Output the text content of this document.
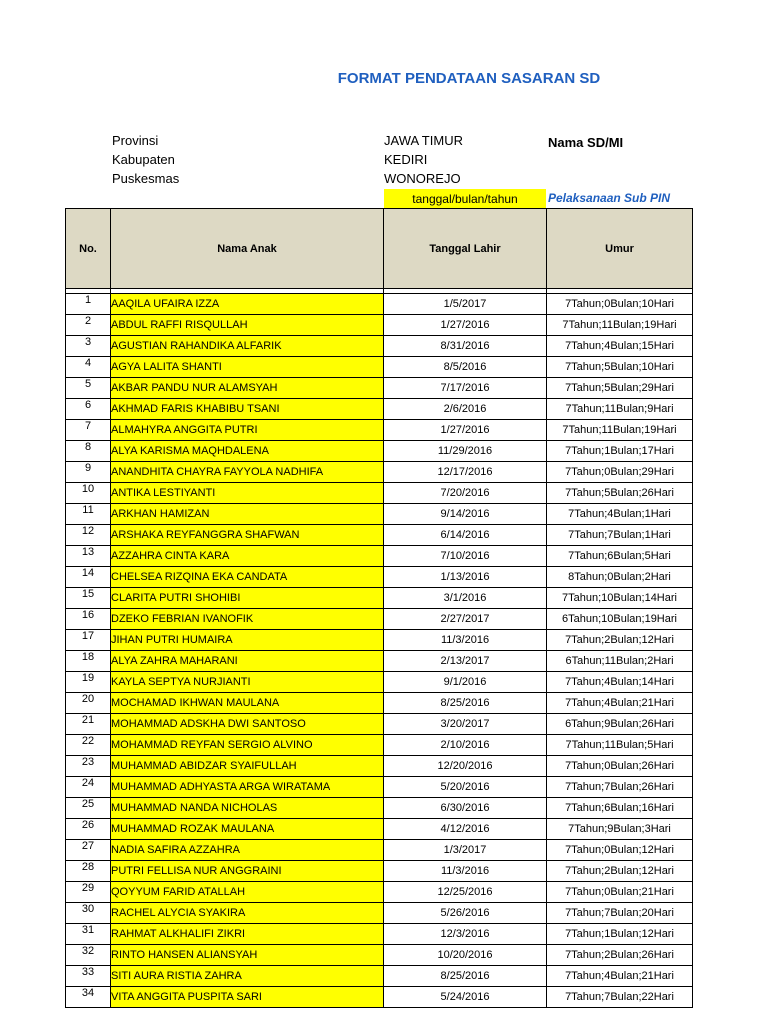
FORMAT PENDATAAN SASARAN SD
Provinsi	JAWA TIMUR
Kabupaten	KEDIRI
Puskesmas	WONOREJO
Nama SD/MI
tanggal/bulan/tahun	Pelaksanaan Sub PIN
No.	Nama Anak	Tanggal Lahir	Umur

1	AAQILA UFAIRA IZZA	1/5/2017	7Tahun;0Bulan;10Hari
2	ABDUL RAFFI RISQULLAH	1/27/2016	7Tahun;11Bulan;19Hari
3	AGUSTIAN RAHANDIKA ALFARIK	8/31/2016	7Tahun;4Bulan;15Hari
4	AGYA LALITA SHANTI	8/5/2016	7Tahun;5Bulan;10Hari
5	AKBAR PANDU NUR ALAMSYAH	7/17/2016	7Tahun;5Bulan;29Hari
6	AKHMAD FARIS KHABIBU TSANI	2/6/2016	7Tahun;11Bulan;9Hari
7	ALMAHYRA ANGGITA PUTRI	1/27/2016	7Tahun;11Bulan;19Hari
8	ALYA KARISMA MAQHDALENA	11/29/2016	7Tahun;1Bulan;17Hari
9	ANANDHITA CHAYRA FAYYOLA NADHIFA	12/17/2016	7Tahun;0Bulan;29Hari
10	ANTIKA LESTIYANTI	7/20/2016	7Tahun;5Bulan;26Hari
11	ARKHAN HAMIZAN	9/14/2016	7Tahun;4Bulan;1Hari
12	ARSHAKA REYFANGGRA SHAFWAN	6/14/2016	7Tahun;7Bulan;1Hari
13	AZZAHRA CINTA KARA	7/10/2016	7Tahun;6Bulan;5Hari
14	CHELSEA RIZQINA EKA CANDATA	1/13/2016	8Tahun;0Bulan;2Hari
15	CLARITA PUTRI SHOHIBI	3/1/2016	7Tahun;10Bulan;14Hari
16	DZEKO FEBRIAN IVANOFIK	2/27/2017	6Tahun;10Bulan;19Hari
17	JIHAN PUTRI HUMAIRA	11/3/2016	7Tahun;2Bulan;12Hari
18	ALYA ZAHRA MAHARANI	2/13/2017	6Tahun;11Bulan;2Hari
19	KAYLA SEPTYA NURJIANTI	9/1/2016	7Tahun;4Bulan;14Hari
20	MOCHAMAD IKHWAN MAULANA	8/25/2016	7Tahun;4Bulan;21Hari
21	MOHAMMAD ADSKHA DWI SANTOSO	3/20/2017	6Tahun;9Bulan;26Hari
22	MOHAMMAD REYFAN SERGIO ALVINO	2/10/2016	7Tahun;11Bulan;5Hari
23	MUHAMMAD ABIDZAR SYAIFULLAH	12/20/2016	7Tahun;0Bulan;26Hari
24	MUHAMMAD ADHYASTA ARGA WIRATAMA	5/20/2016	7Tahun;7Bulan;26Hari
25	MUHAMMAD NANDA NICHOLAS	6/30/2016	7Tahun;6Bulan;16Hari
26	MUHAMMAD ROZAK MAULANA	4/12/2016	7Tahun;9Bulan;3Hari
27	NADIA SAFIRA AZZAHRA	1/3/2017	7Tahun;0Bulan;12Hari
28	PUTRI FELLISA NUR ANGGRAINI	11/3/2016	7Tahun;2Bulan;12Hari
29	QOYYUM FARID ATALLAH	12/25/2016	7Tahun;0Bulan;21Hari
30	RACHEL ALYCIA SYAKIRA	5/26/2016	7Tahun;7Bulan;20Hari
31	RAHMAT ALKHALIFI ZIKRI	12/3/2016	7Tahun;1Bulan;12Hari
32	RINTO HANSEN ALIANSYAH	10/20/2016	7Tahun;2Bulan;26Hari
33	SITI AURA RISTIA ZAHRA	8/25/2016	7Tahun;4Bulan;21Hari
34	VITA ANGGITA PUSPITA SARI	5/24/2016	7Tahun;7Bulan;22Hari
